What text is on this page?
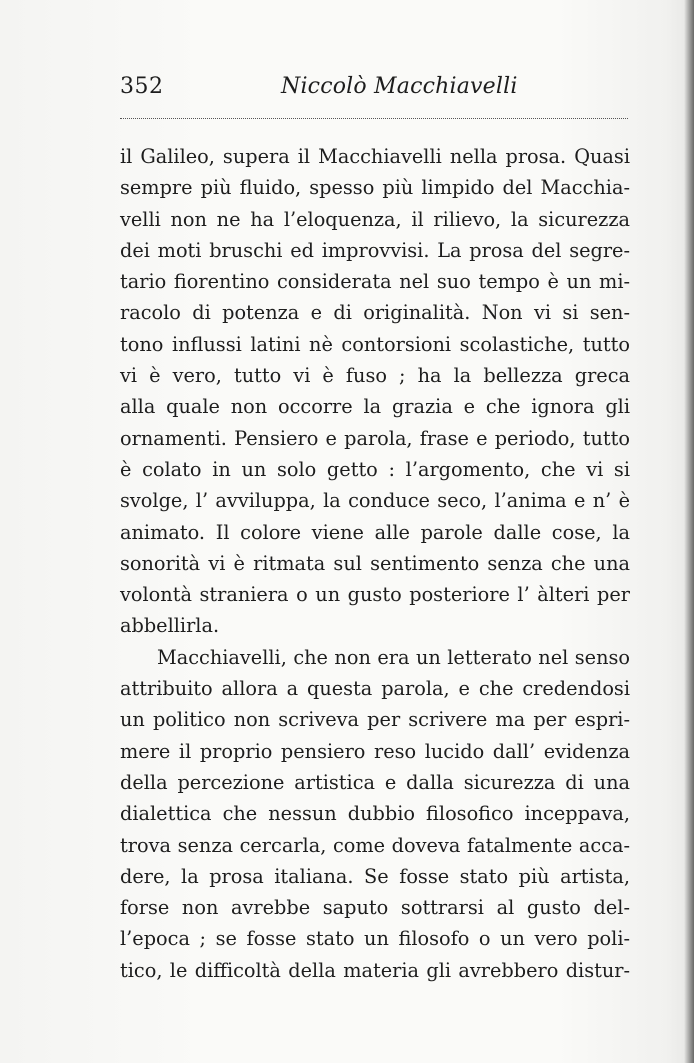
352	Niccolò Macchiavelli
il Galileo, supera il Macchiavelli nella prosa. Quasi
sempre più fluido, spesso più limpido del Macchia-
velli non ne ha l’eloquenza, il rilievo, la sicurezza
dei moti bruschi ed improvvisi. La prosa del segre-
tario fiorentino considerata nel suo tempo è un mi-
racolo di potenza e di originalità. Non vi si sen-
tono influssi latini nè contorsioni scolastiche, tutto
vi è vero, tutto vi è fuso ; ha la bellezza greca
alla quale non occorre la grazia e che ignora gli
ornamenti. Pensiero e parola, frase e periodo, tutto
è colato in un solo getto : l’argomento, che vi si
svolge, l’ avviluppa, la conduce seco, l’anima e n’ è
animato. Il colore viene alle parole dalle cose, la
sonorità vi è ritmata sul sentimento senza che una
volontà straniera o un gusto posteriore l’ àlteri per
abbellirla.
Macchiavelli, che non era un letterato nel senso
attribuito allora a questa parola, e che credendosi
un politico non scriveva per scrivere ma per espri-
mere il proprio pensiero reso lucido dall’ evidenza
della percezione artistica e dalla sicurezza di una
dialettica che nessun dubbio filosofico inceppava,
trova senza cercarla, come doveva fatalmente acca-
dere, la prosa italiana. Se fosse stato più artista,
forse non avrebbe saputo sottrarsi al gusto del-
l’epoca ; se fosse stato un filosofo o un vero poli-
tico, le difficoltà della materia gli avrebbero distur-
